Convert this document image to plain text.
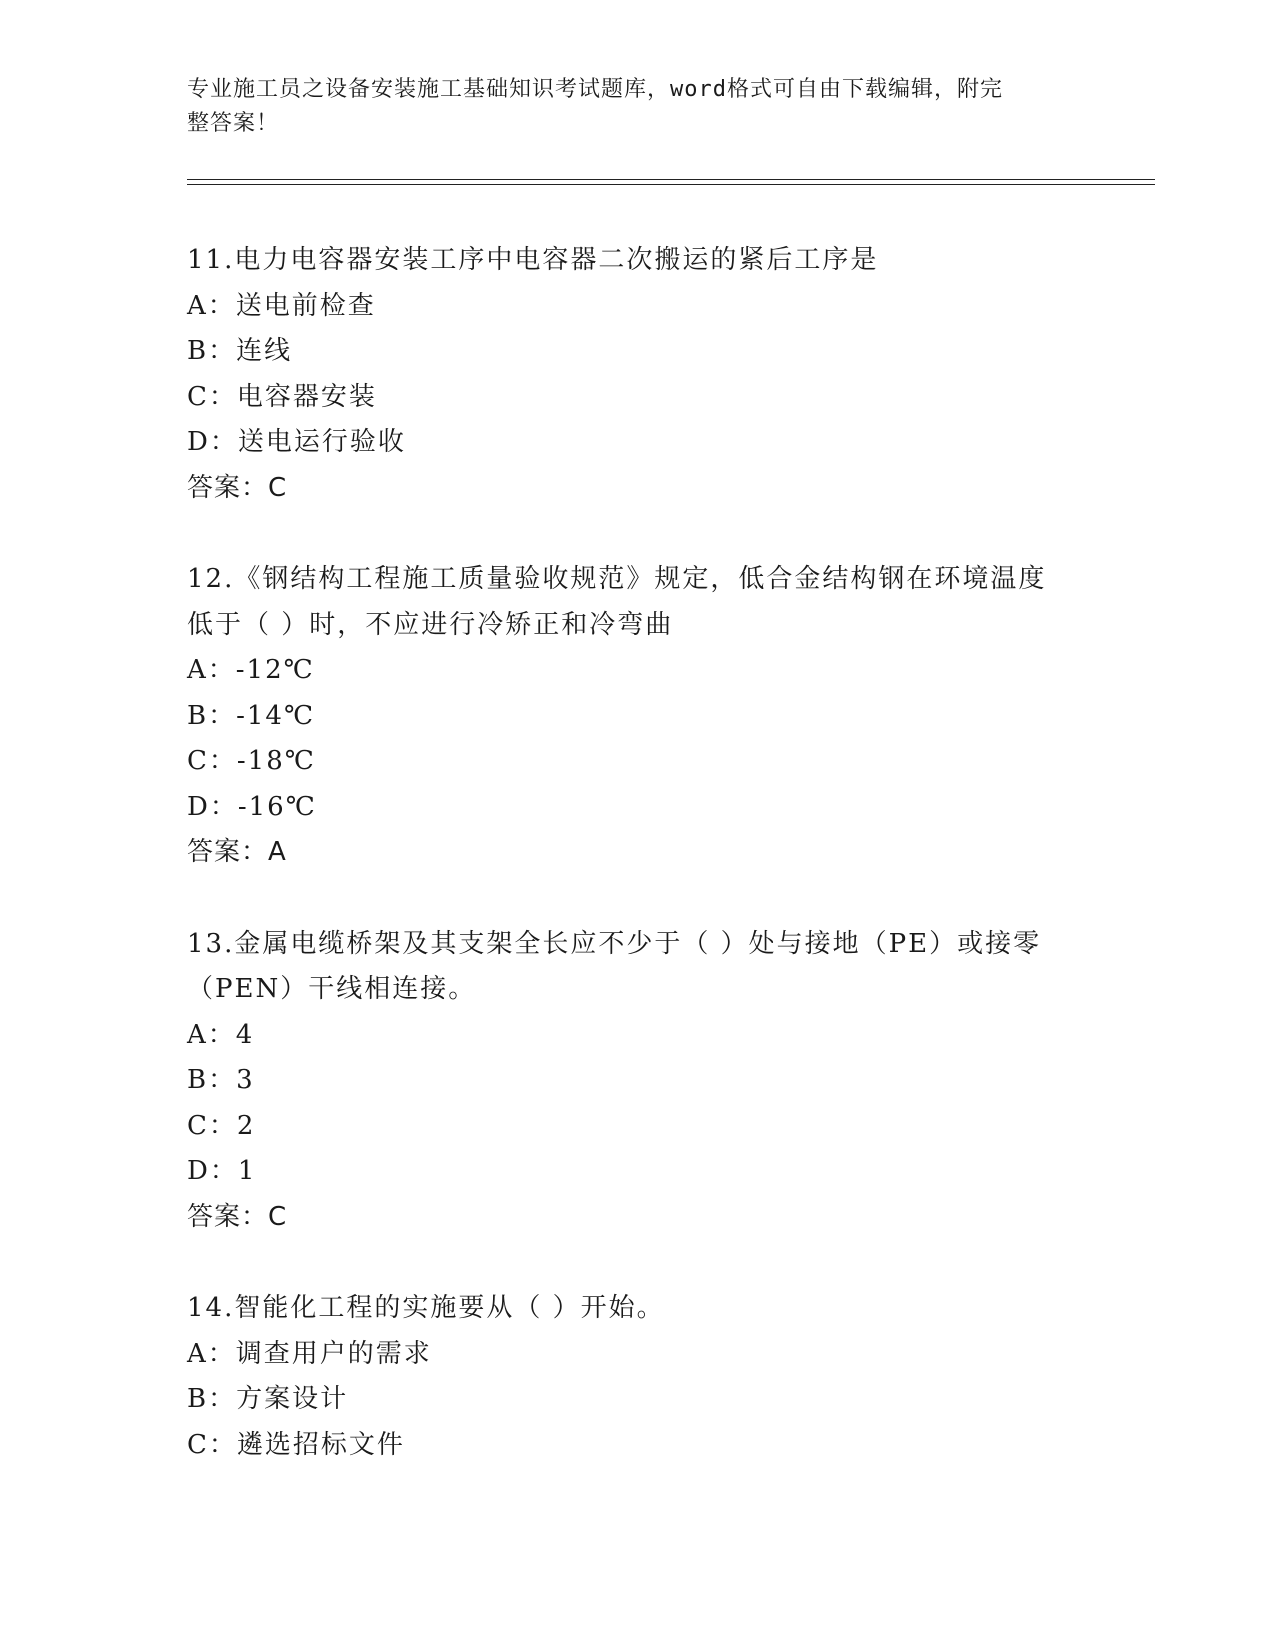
专业施工员之设备安装施工基础知识考试题库，word格式可自由下载编辑，附完
整答案！
11.电力电容器安装工序中电容器二次搬运的紧后工序是
A：送电前检查
B：连线
C：电容器安装
D：送电运行验收
答案：C
12.《钢结构工程施工质量验收规范》规定，低合金结构钢在环境温度
低于（ ）时，不应进行冷矫正和冷弯曲
A：-12℃
B：-14℃
C：-18℃
D：-16℃
答案：A
13.金属电缆桥架及其支架全长应不少于（ ）处与接地（PE）或接零
（PEN）干线相连接。
A：4
B：3
C：2
D：1
答案：C
14.智能化工程的实施要从（ ）开始。
A：调查用户的需求
B：方案设计
C：遴选招标文件
